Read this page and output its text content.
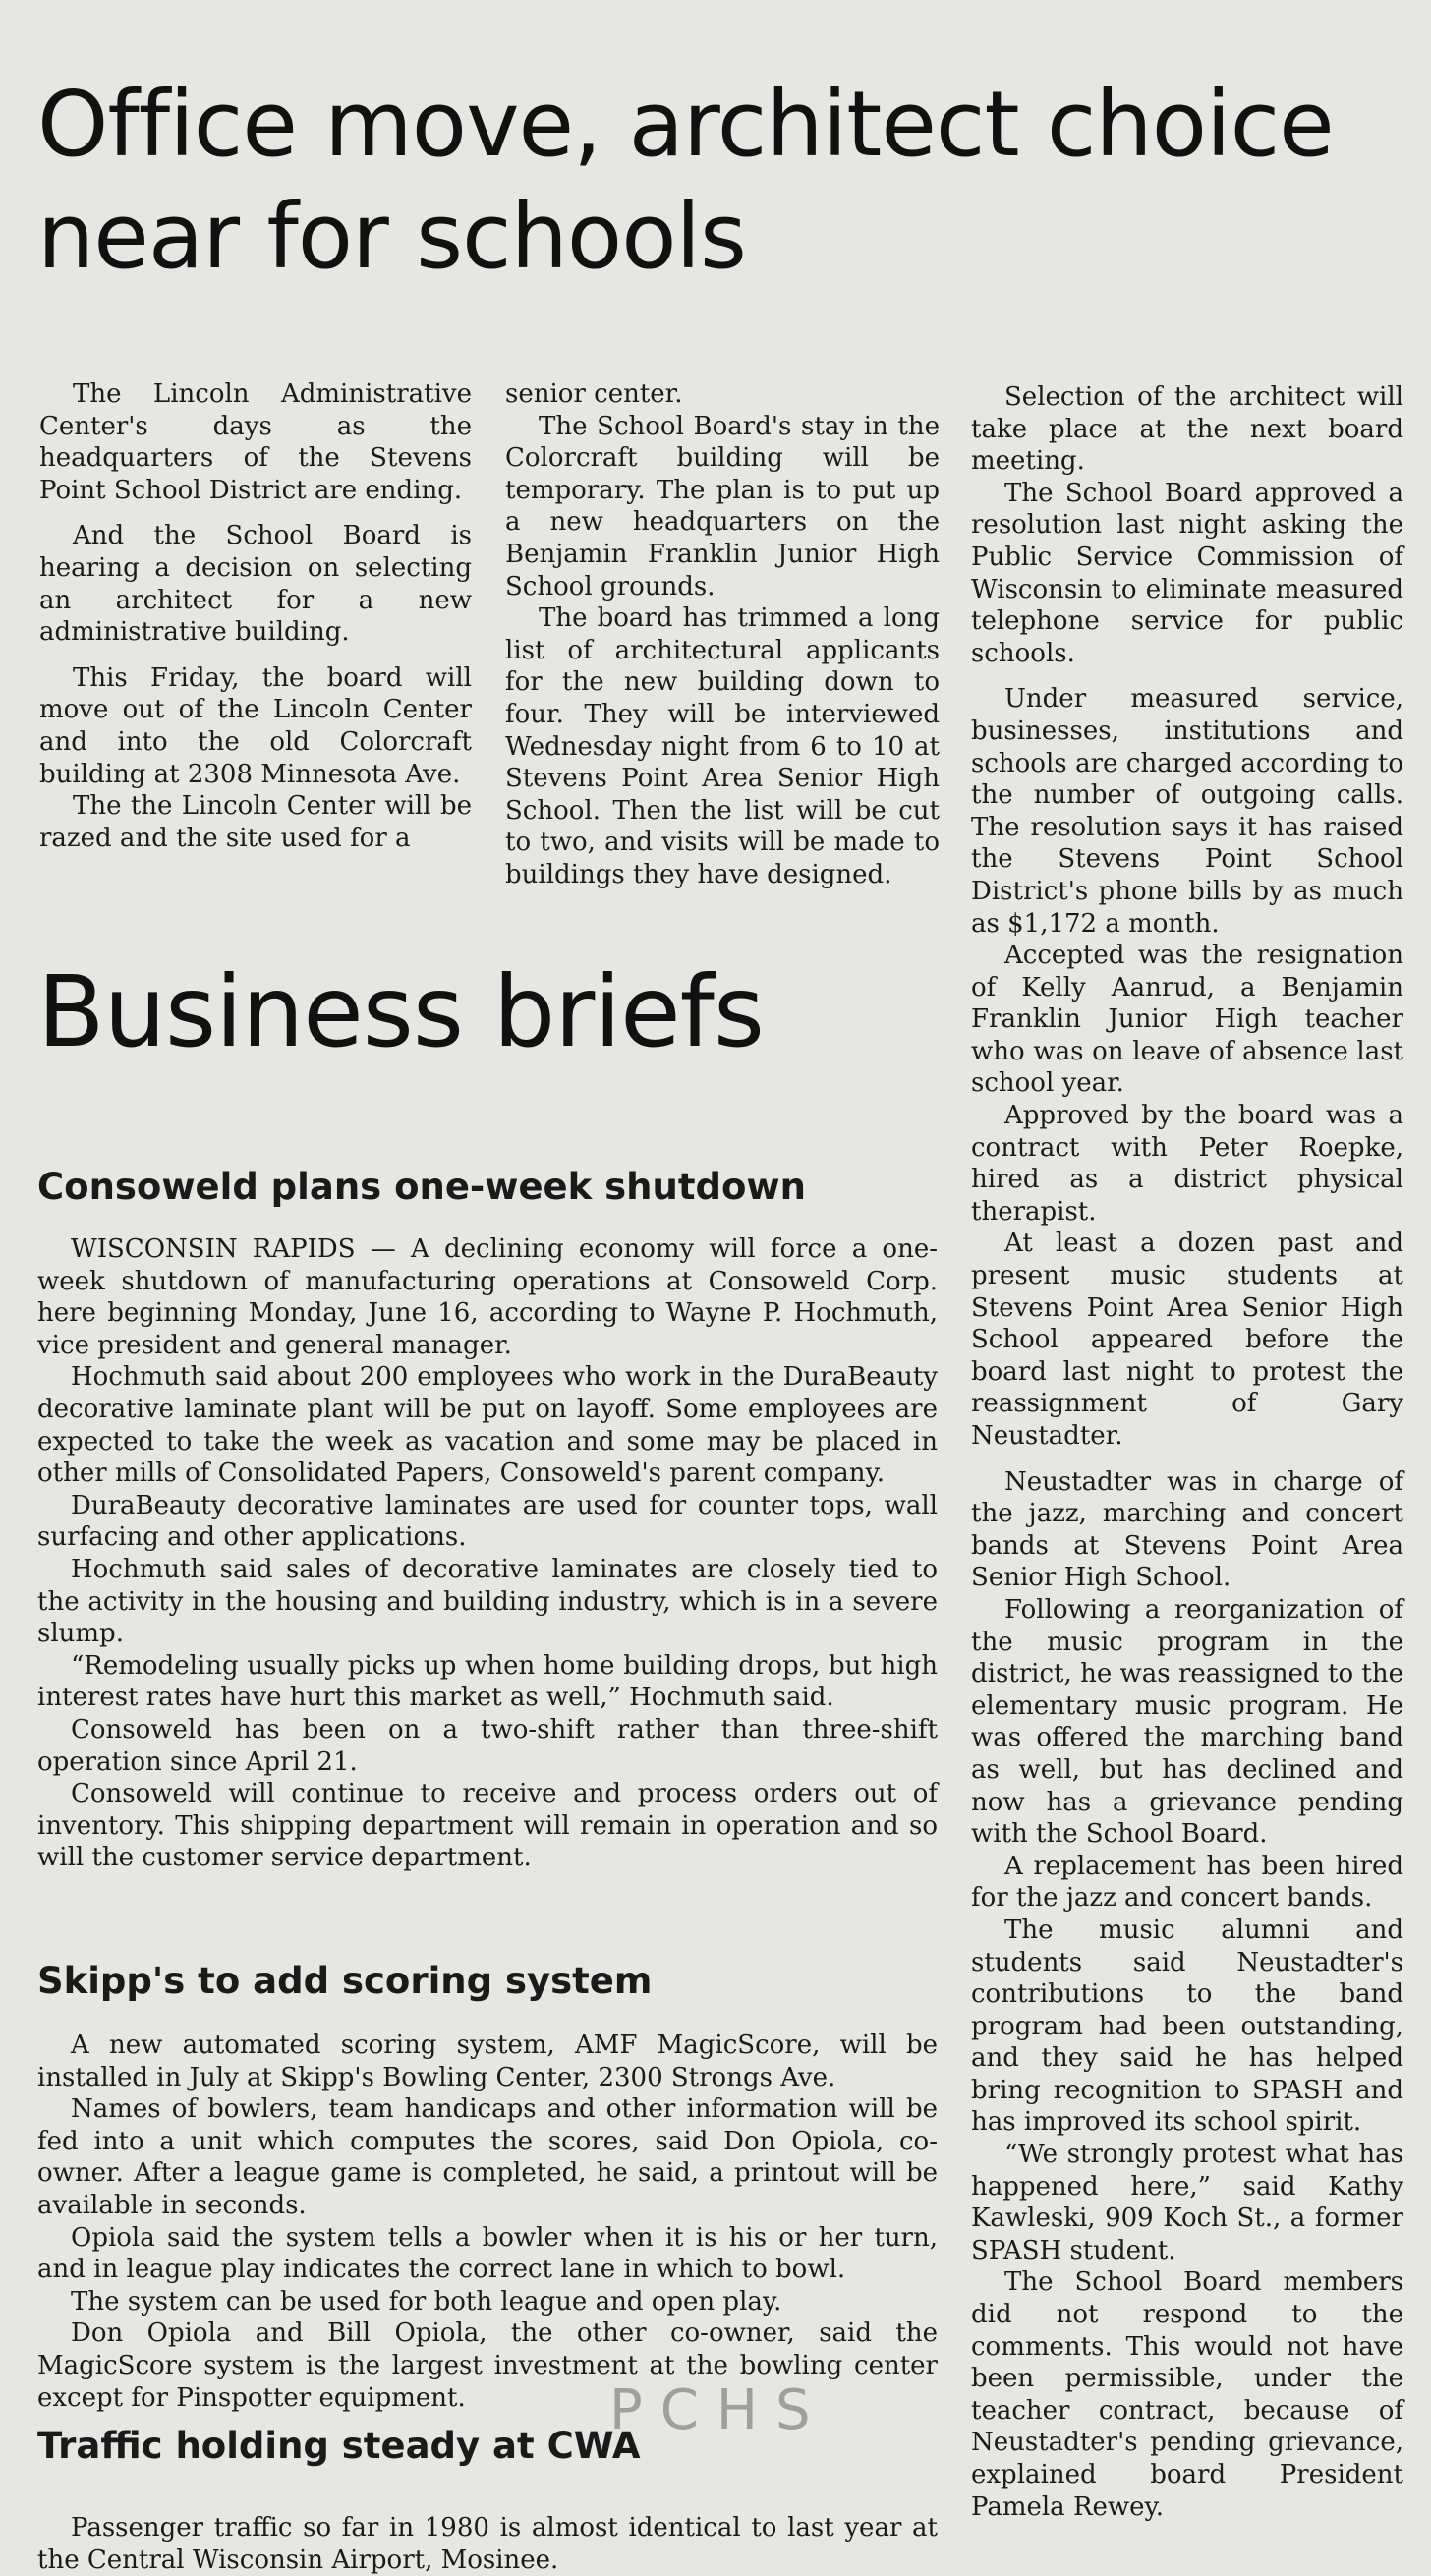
Office move, architect choice near for schools

The Lincoln Administrative Center's days as the headquarters of the Stevens Point School District are ending.

And the School Board is hearing a decision on selecting an architect for a new administrative building.

This Friday, the board will move out of the Lincoln Center and into the old Colorcraft building at 2308 Minnesota Ave.

The the Lincoln Center will be razed and the site used for a

senior center.

The School Board's stay in the Colorcraft building will be temporary. The plan is to put up a new headquarters on the Benjamin Franklin Junior High School grounds.

The board has trimmed a long list of architectural applicants for the new building down to four. They will be interviewed Wednesday night from 6 to 10 at Stevens Point Area Senior High School. Then the list will be cut to two, and visits will be made to buildings they have designed.

Selection of the architect will take place at the next board meeting.

The School Board approved a resolution last night asking the Public Service Commission of Wisconsin to eliminate measured telephone service for public schools.

Under measured service, businesses, institutions and schools are charged according to the number of outgoing calls. The resolution says it has raised the Stevens Point School District's phone bills by as much as $1,172 a month.

Accepted was the resignation of Kelly Aanrud, a Benjamin Franklin Junior High teacher who was on leave of absence last school year.

Approved by the board was a contract with Peter Roepke, hired as a district physical therapist.

At least a dozen past and present music students at Stevens Point Area Senior High School appeared before the board last night to protest the reassignment of Gary Neustadter.

Neustadter was in charge of the jazz, marching and concert bands at Stevens Point Area Senior High School.

Following a reorganization of the music program in the district, he was reassigned to the elementary music program. He was offered the marching band as well, but has declined and now has a grievance pending with the School Board.

A replacement has been hired for the jazz and concert bands.

The music alumni and students said Neustadter's contributions to the band program had been outstanding, and they said he has helped bring recognition to SPASH and has improved its school spirit.

“We strongly protest what has happened here,” said Kathy Kawleski, 909 Koch St., a former SPASH student.

The School Board members did not respond to the comments. This would not have been permissible, under the teacher contract, because of Neustadter's pending grievance, explained board President Pamela Rewey.

Business briefs
Consoweld plans one-week shutdown

WISCONSIN RAPIDS — A declining economy will force a one-week shutdown of manufacturing operations at Consoweld Corp. here beginning Monday, June 16, according to Wayne P. Hochmuth, vice president and general manager.

Hochmuth said about 200 employees who work in the DuraBeauty decorative laminate plant will be put on layoff. Some employees are expected to take the week as vacation and some may be placed in other mills of Consolidated Papers, Consoweld's parent company.

DuraBeauty decorative laminates are used for counter tops, wall surfacing and other applications.

Hochmuth said sales of decorative laminates are closely tied to the activity in the housing and building industry, which is in a severe slump.

“Remodeling usually picks up when home building drops, but high interest rates have hurt this market as well,” Hochmuth said.

Consoweld has been on a two-shift rather than three-shift operation since April 21.

Consoweld will continue to receive and process orders out of inventory. This shipping department will remain in operation and so will the customer service department.

Skipp's to add scoring system

A new automated scoring system, AMF MagicScore, will be installed in July at Skipp's Bowling Center, 2300 Strongs Ave.

Names of bowlers, team handicaps and other information will be fed into a unit which computes the scores, said Don Opiola, co-owner. After a league game is completed, he said, a printout will be available in seconds.

Opiola said the system tells a bowler when it is his or her turn, and in league play indicates the correct lane in which to bowl.

The system can be used for both league and open play.

Don Opiola and Bill Opiola, the other co-owner, said the MagicScore system is the largest investment at the bowling center except for Pinspotter equipment.	PCHS
Traffic holding steady at CWA

Passenger traffic so far in 1980 is almost identical to last year at the Central Wisconsin Airport, Mosinee.
